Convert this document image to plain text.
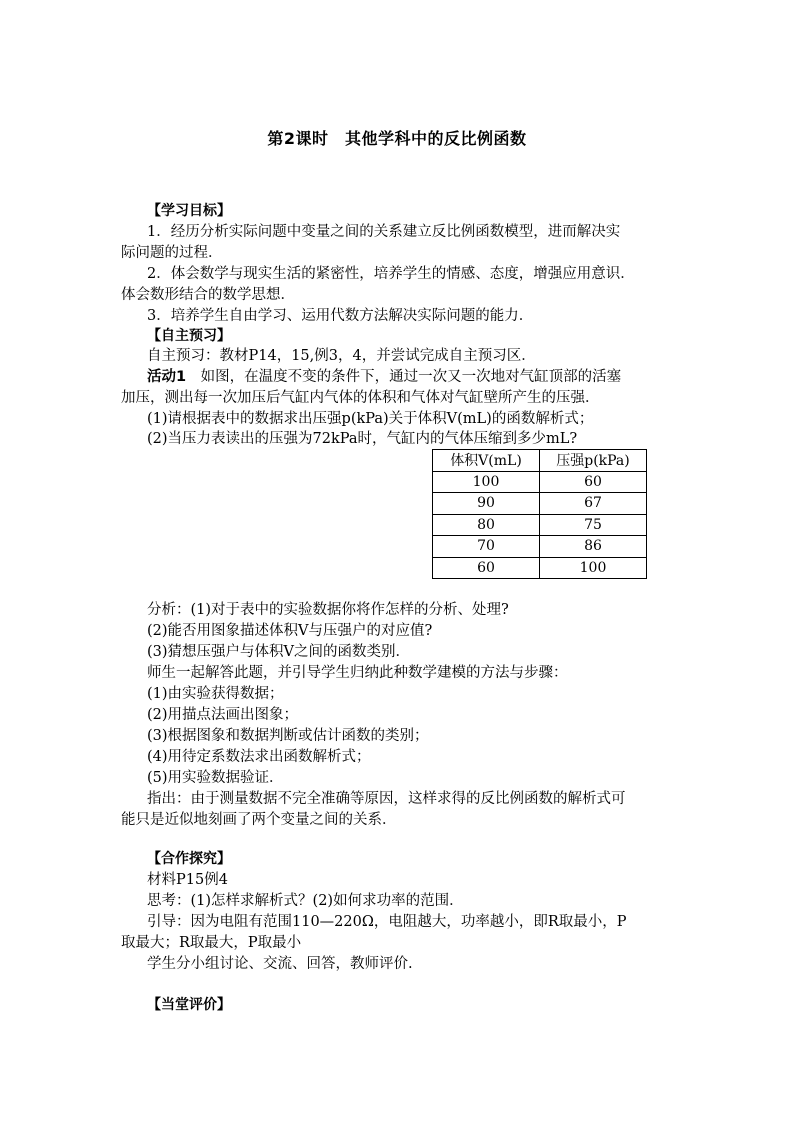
第2课时　其他学科中的反比例函数
【学习目标】
1．经历分析实际问题中变量之间的关系建立反比例函数模型，进而解决实
际问题的过程．
2．体会数学与现实生活的紧密性，培养学生的情感、态度，增强应用意识．
体会数形结合的数学思想．
3．培养学生自由学习、运用代数方法解决实际问题的能力．
【自主预习】
自主预习：教材P14，15,例3，4，并尝试完成自主预习区．
活动1　如图，在温度不变的条件下，通过一次又一次地对气缸顶部的活塞
加压，测出每一次加压后气缸内气体的体积和气体对气缸壁所产生的压强．
(1)请根据表中的数据求出压强p(kPa)关于体积V(mL)的函数解析式；
(2)当压力表读出的压强为72kPa时，气缸内的气体压缩到多少mL?
体积V(mL)	压强p(kPa)
100	60
90	67
80	75
70	86
60	100
分析：(1)对于表中的实验数据你将作怎样的分析、处理?
(2)能否用图象描述体积V与压强户的对应值?
(3)猜想压强户与体积V之间的函数类别．
师生一起解答此题，并引导学生归纳此种数学建模的方法与步骤：
(1)由实验获得数据；
(2)用描点法画出图象；
(3)根据图象和数据判断或估计函数的类别；
(4)用待定系数法求出函数解析式；
(5)用实验数据验证．
指出：由于测量数据不完全准确等原因，这样求得的反比例函数的解析式可
能只是近似地刻画了两个变量之间的关系．
【合作探究】
材料P15例4
思考：(1)怎样求解析式？(2)如何求功率的范围．
引导：因为电阻有范围110—220Ω，电阻越大，功率越小，即R取最小，P
取最大；R取最大，P取最小
学生分小组讨论、交流、回答，教师评价.
【当堂评价】
